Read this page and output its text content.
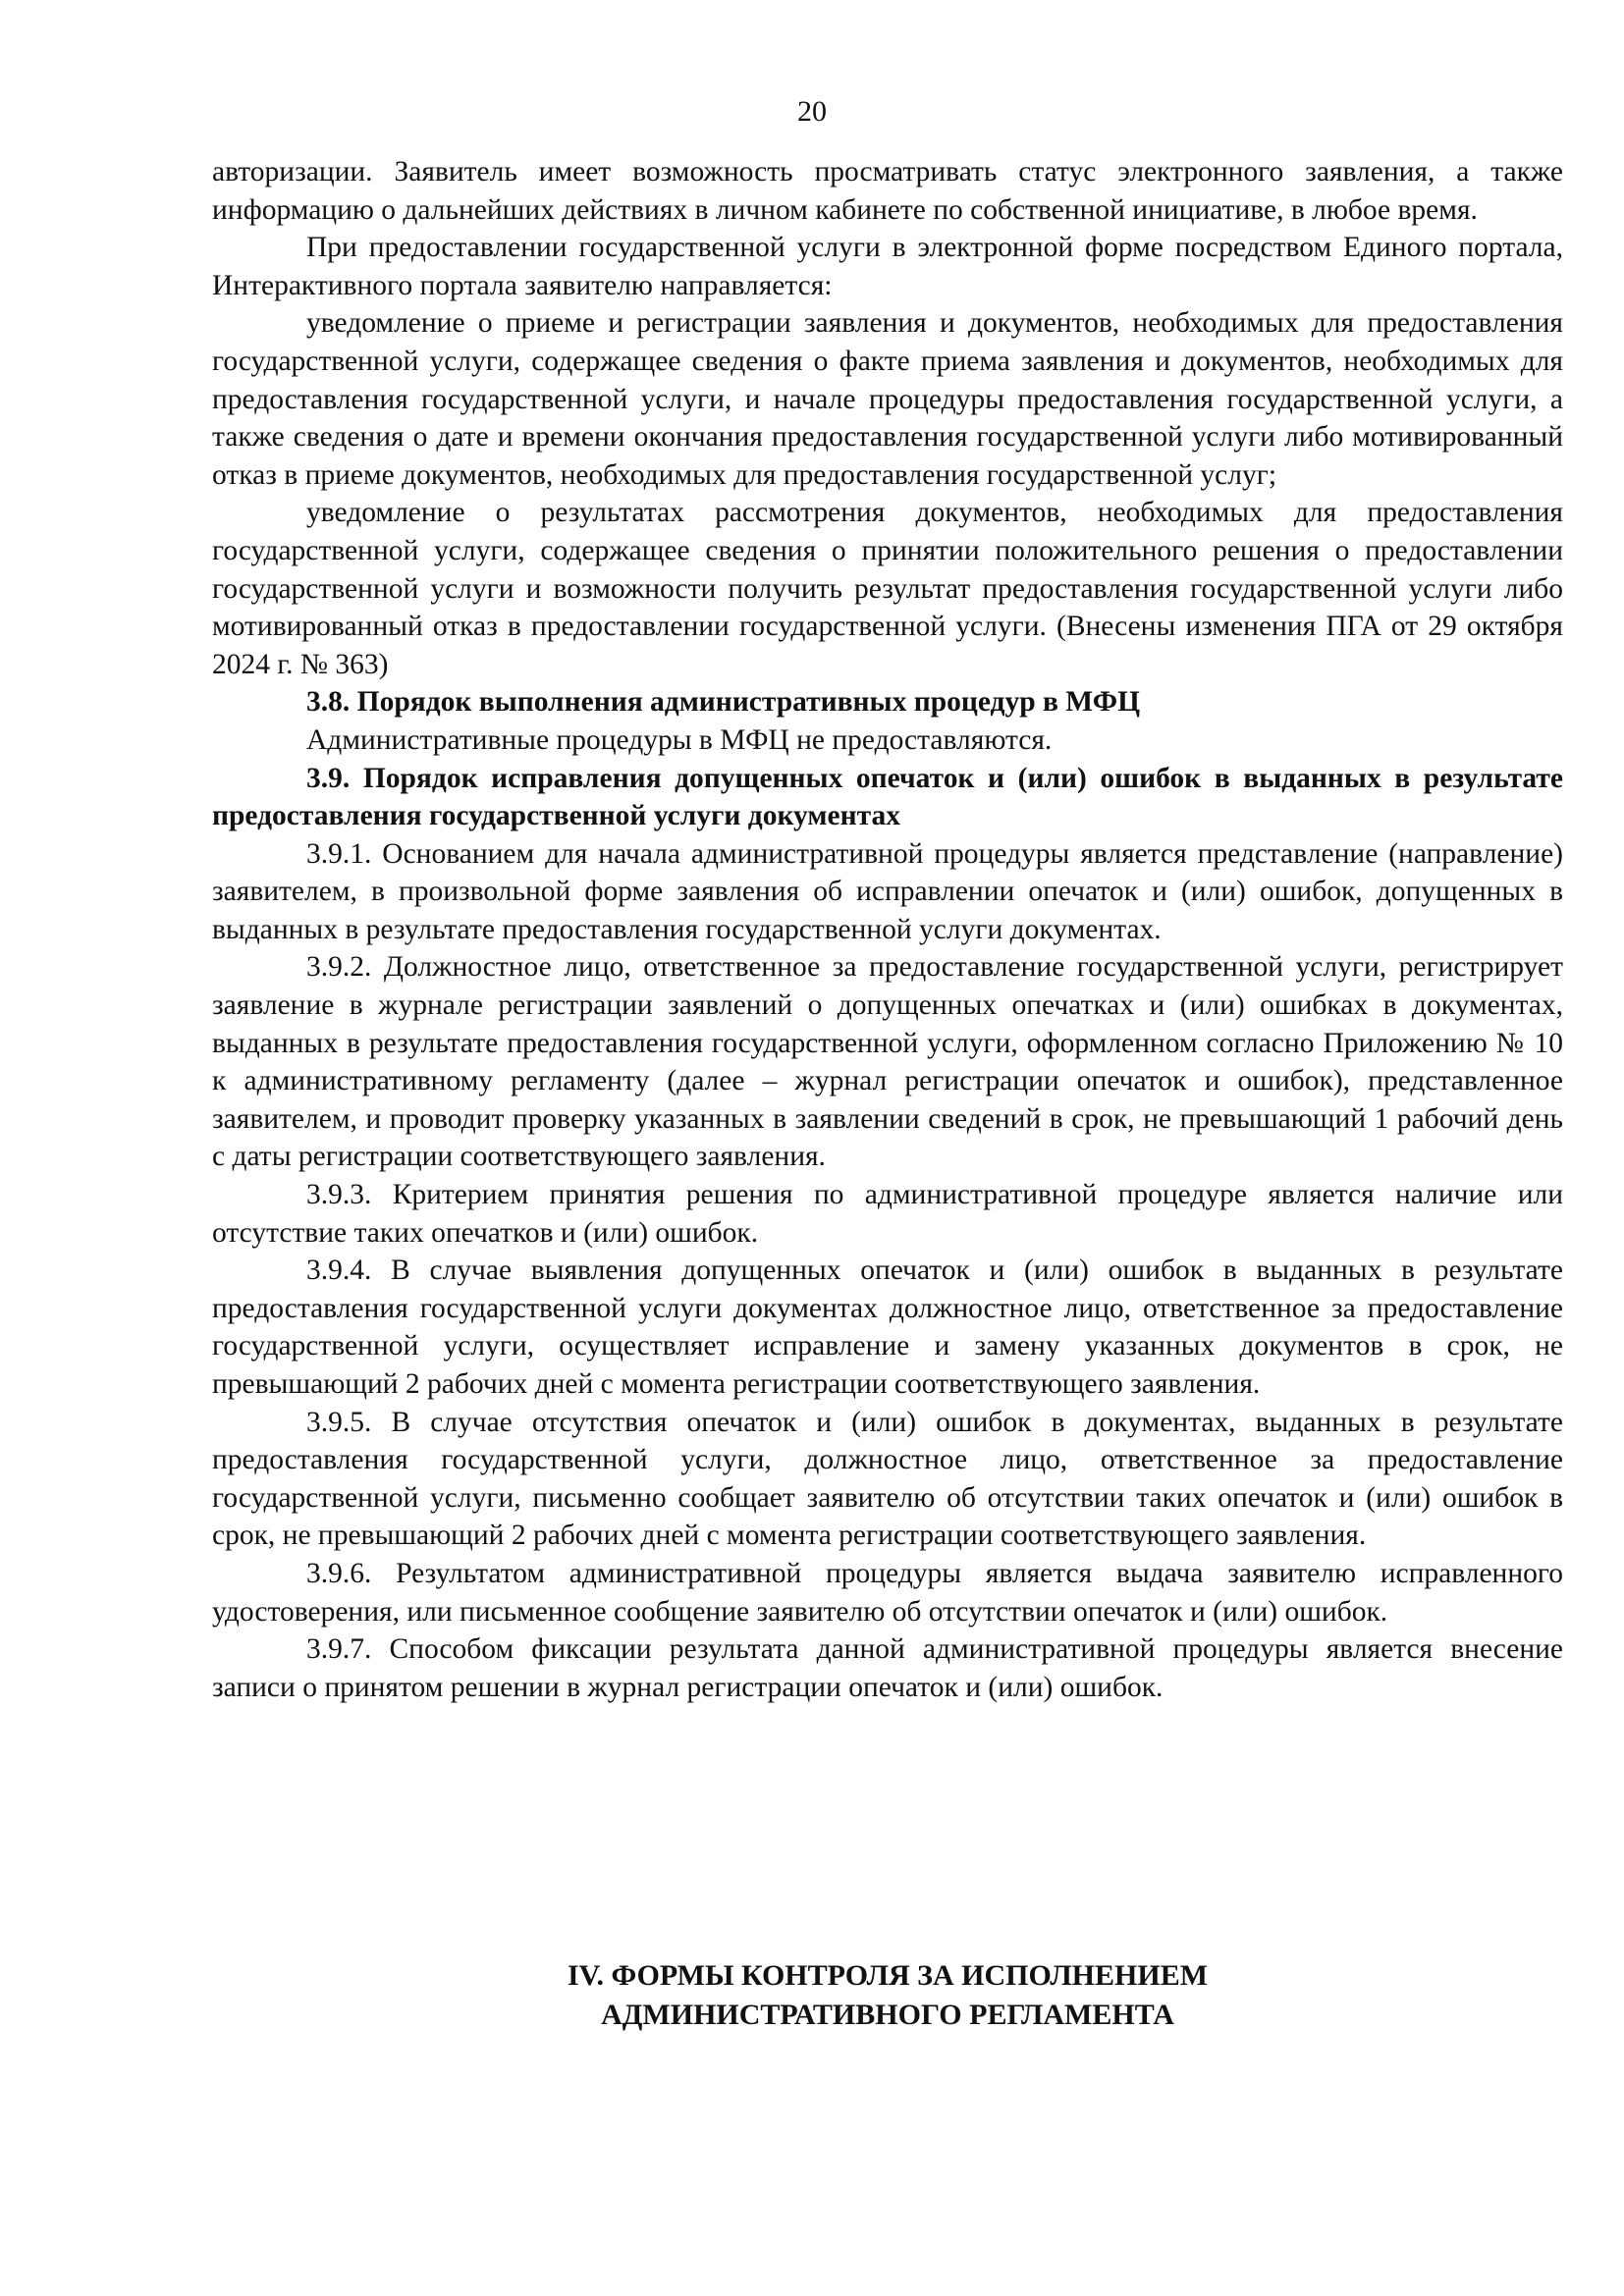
20

авторизации. Заявитель имеет возможность просматривать статус электронного заявления, а также информацию о дальнейших действиях в личном кабинете по собственной инициативе, в любое время.

При предоставлении государственной услуги в электронной форме посредством Единого портала, Интерактивного портала заявителю направляется:

уведомление о приеме и регистрации заявления и документов, необходимых для предоставления государственной услуги, содержащее сведения о факте приема заявления и документов, необходимых для предоставления государственной услуги, и начале процедуры предоставления государственной услуги, а также сведения о дате и времени окончания предоставления государственной услуги либо мотивированный отказ в приеме документов, необходимых для предоставления государственной услуг;

уведомление о результатах рассмотрения документов, необходимых для предоставления государственной услуги, содержащее сведения о принятии положительного решения о предоставлении государственной услуги и возможности получить результат предоставления государственной услуги либо мотивированный отказ в предоставлении государственной услуги. (Внесены изменения ПГА от 29 октября 2024 г. № 363)

3.8. Порядок выполнения административных процедур в МФЦ

Административные процедуры в МФЦ не предоставляются.

3.9. Порядок исправления допущенных опечаток и (или) ошибок в выданных в результате предоставления государственной услуги документах

3.9.1. Основанием для начала административной процедуры является представление (направление) заявителем, в произвольной форме заявления об исправлении опечаток и (или) ошибок, допущенных в выданных в результате предоставления государственной услуги документах.

3.9.2. Должностное лицо, ответственное за предоставление государственной услуги, регистрирует заявление в журнале регистрации заявлений о допущенных опечатках и (или) ошибках в документах, выданных в результате предоставления государственной услуги, оформленном согласно Приложению № 10 к административному регламенту (далее – журнал регистрации опечаток и ошибок), представленное заявителем, и проводит проверку указанных в заявлении сведений в срок, не превышающий 1 рабочий день с даты регистрации соответствующего заявления.

3.9.3. Критерием принятия решения по административной процедуре является наличие или отсутствие таких опечатков и (или) ошибок.

3.9.4. В случае выявления допущенных опечаток и (или) ошибок в выданных в результате предоставления государственной услуги документах должностное лицо, ответственное за предоставление государственной услуги, осуществляет исправление и замену указанных документов в срок, не превышающий 2 рабочих дней с момента регистрации соответствующего заявления.

3.9.5. В случае отсутствия опечаток и (или) ошибок в документах, выданных в результате предоставления государственной услуги, должностное лицо, ответственное за предоставление государственной услуги, письменно сообщает заявителю об отсутствии таких опечаток и (или) ошибок в срок, не превышающий 2 рабочих дней с момента регистрации соответствующего заявления.

3.9.6. Результатом административной процедуры является выдача заявителю исправленного удостоверения, или письменное сообщение заявителю об отсутствии опечаток и (или) ошибок.

3.9.7. Способом фиксации результата данной административной процедуры является внесение записи о принятом решении в журнал регистрации опечаток и (или) ошибок.

IV. ФОРМЫ КОНТРОЛЯ ЗА ИСПОЛНЕНИЕМ
АДМИНИСТРАТИВНОГО РЕГЛАМЕНТА
